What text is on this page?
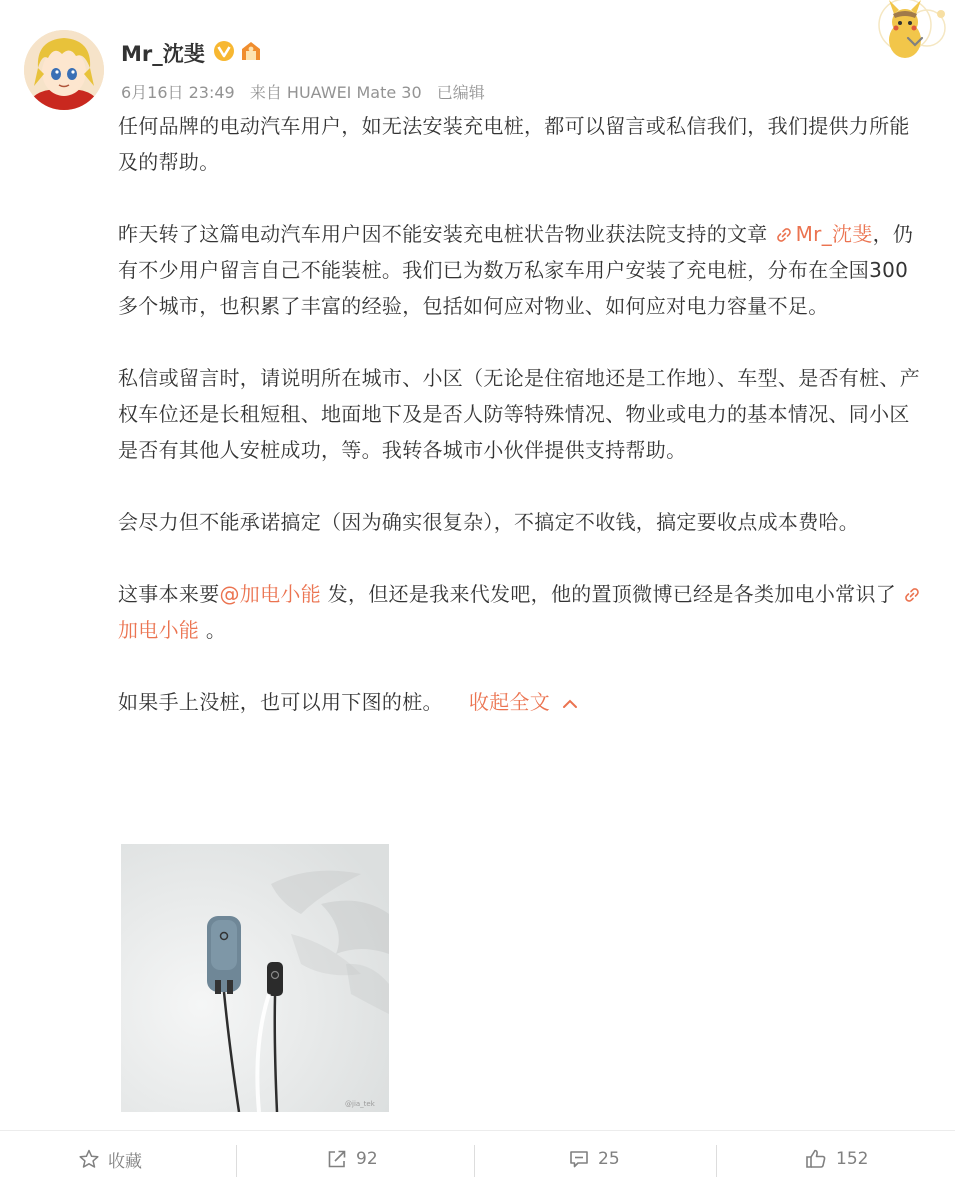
Mr_沈斐
6月16日 23:49 来自 HUAWEI Mate 30 已编辑

任何品牌的电动汽车用户，如无法安装充电桩，都可以留言或私信我们，我们提供力所能及的帮助。

昨天转了这篇电动汽车用户因不能安装充电桩状告物业获法院支持的文章 Mr_沈斐，仍有不少用户留言自己不能装桩。我们已为数万私家车用户安装了充电桩，分布在全国300多个城市，也积累了丰富的经验，包括如何应对物业、如何应对电力容量不足。

私信或留言时，请说明所在城市、小区（无论是住宿地还是工作地）、车型、是否有桩、产权车位还是长租短租、地面地下及是否人防等特殊情况、物业或电力的基本情况、同小区是否有其他人安桩成功，等。我转各城市小伙伴提供支持帮助。

会尽力但不能承诺搞定（因为确实很复杂），不搞定不收钱，搞定要收点成本费哈。

这事本来要@加电小能 发，但还是我来代发吧，他的置顶微博已经是各类加电小常识了加电小能 。

如果手上没桩，也可以用下图的桩。 收起全文

@jia_tek
收藏	92	25	152
